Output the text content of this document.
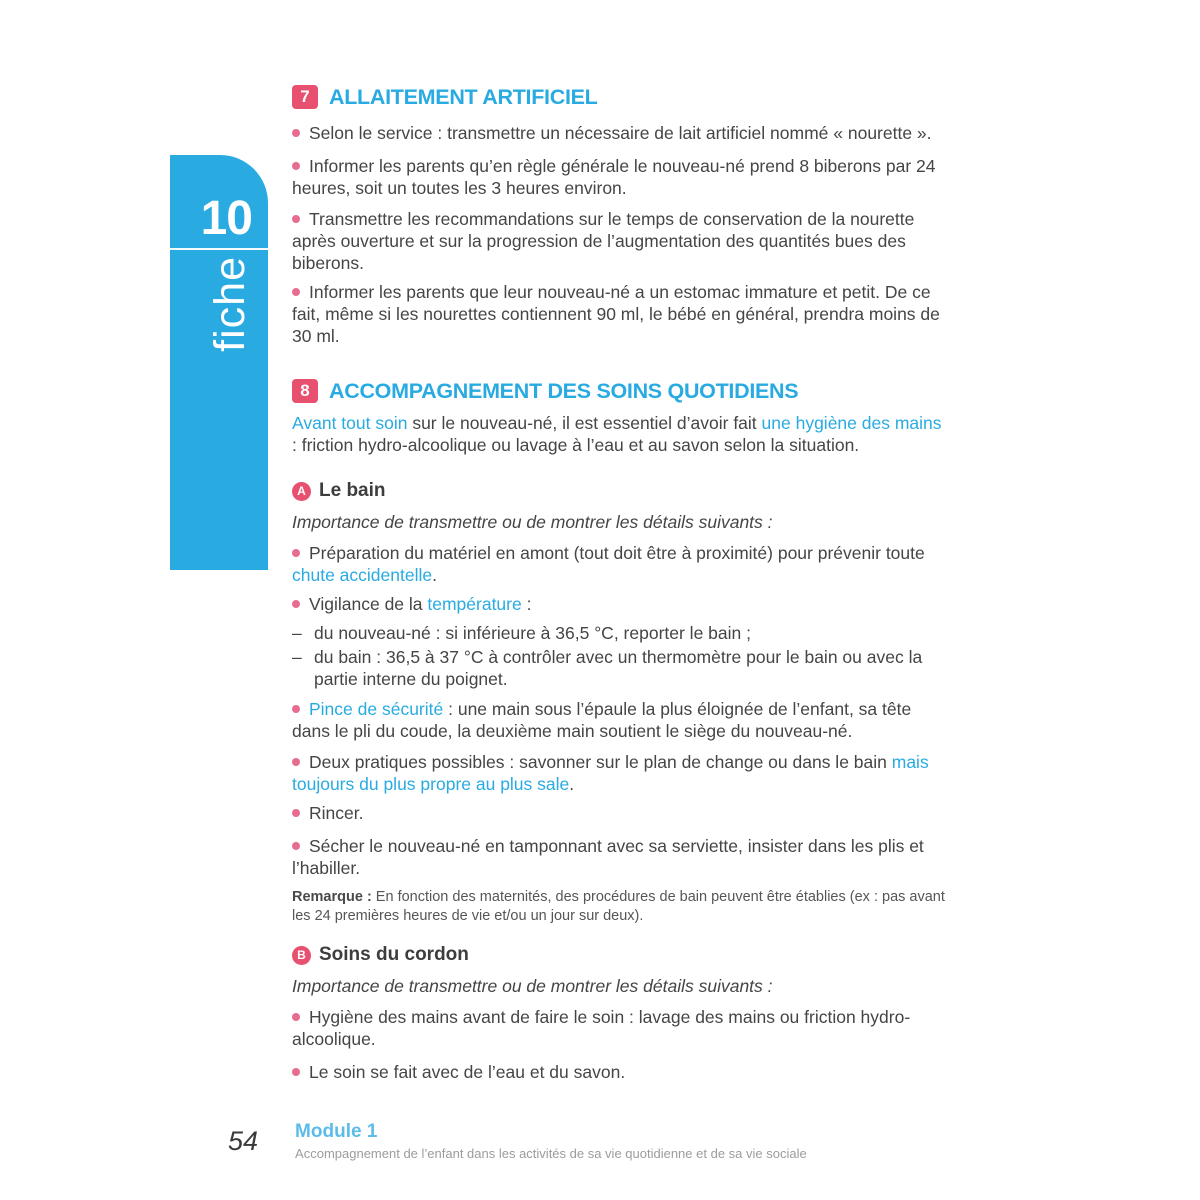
10
fiche
7 ALLAITEMENT ARTIFICIEL

Selon le service : transmettre un nécessaire de lait artificiel nommé « nourette ».

Informer les parents qu’en règle générale le nouveau-né prend 8 biberons par 24 heures, soit un toutes les 3 heures environ.

Transmettre les recommandations sur le temps de conservation de la nourette après ouverture et sur la progression de l’augmentation des quantités bues des biberons.

Informer les parents que leur nouveau-né a un estomac immature et petit. De ce fait, même si les nourettes contiennent 90 ml, le bébé en général, prendra moins de 30 ml.

8 ACCOMPAGNEMENT DES SOINS QUOTIDIENS

Avant tout soin sur le nouveau-né, il est essentiel d’avoir fait une hygiène des mains : friction hydro-alcoolique ou lavage à l’eau et au savon selon la situation.

A Le bain

Importance de transmettre ou de montrer les détails suivants :

Préparation du matériel en amont (tout doit être à proximité) pour prévenir toute chute accidentelle.

Vigilance de la température :

– du nouveau-né : si inférieure à 36,5 °C, reporter le bain ;

– du bain : 36,5 à 37 °C à contrôler avec un thermomètre pour le bain ou avec la partie interne du poignet.

Pince de sécurité : une main sous l’épaule la plus éloignée de l’enfant, sa tête dans le pli du coude, la deuxième main soutient le siège du nouveau-né.

Deux pratiques possibles : savonner sur le plan de change ou dans le bain mais toujours du plus propre au plus sale.

Rincer.

Sécher le nouveau-né en tamponnant avec sa serviette, insister dans les plis et l’habiller.

Remarque : En fonction des maternités, des procédures de bain peuvent être établies (ex : pas avant les 24 premières heures de vie et/ou un jour sur deux).

B Soins du cordon

Importance de transmettre ou de montrer les détails suivants :

Hygiène des mains avant de faire le soin : lavage des mains ou friction hydro-alcoolique.

Le soin se fait avec de l’eau et du savon.

54 Module 1
Accompagnement de l’enfant dans les activités de sa vie quotidienne et de sa vie sociale
